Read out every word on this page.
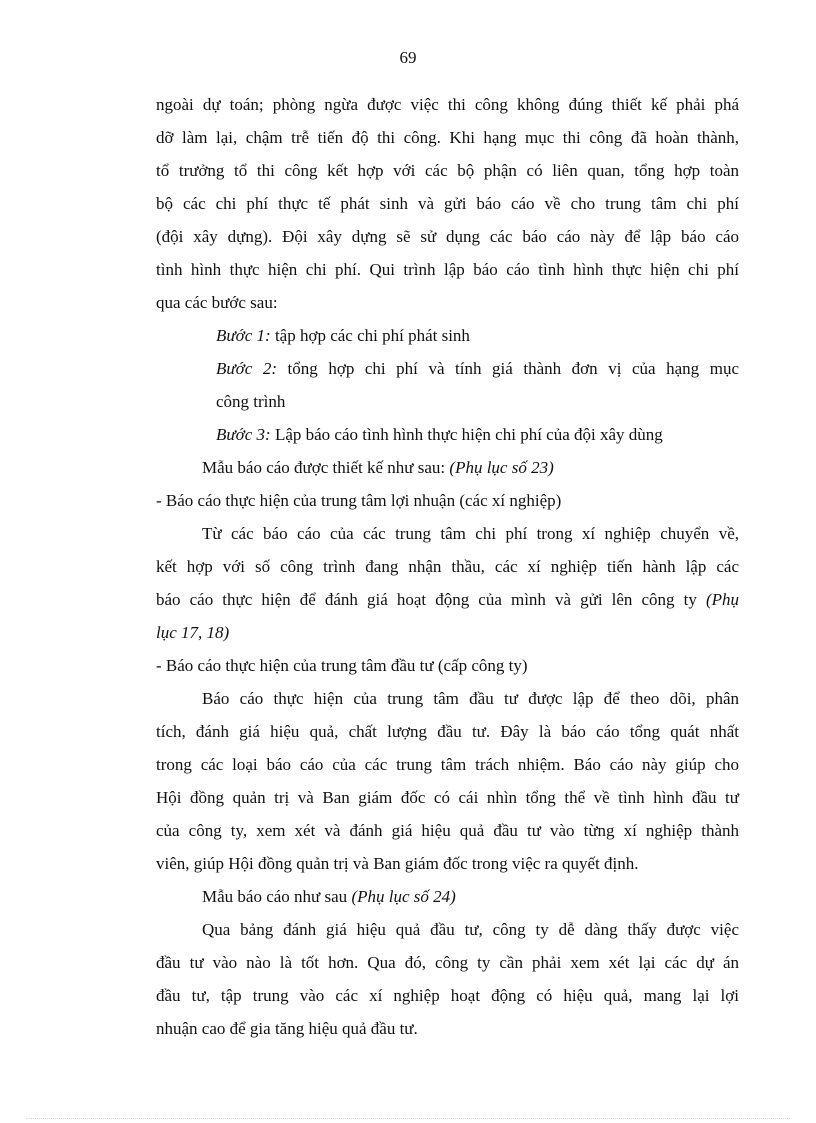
69

ngoài dự toán; phòng ngừa được việc thi công không đúng thiết kế phải phá
dỡ làm lại, chậm trễ tiến độ thi công. Khi hạng mục thi công đã hoàn thành,
tổ trưởng tổ thi công kết hợp với các bộ phận có liên quan, tổng hợp toàn
bộ các chi phí thực tế phát sinh và gửi báo cáo về cho trung tâm chi phí
(đội xây dựng). Đội xây dựng sẽ sử dụng các báo cáo này để lập báo cáo
tình hình thực hiện chi phí. Qui trình lập báo cáo tình hình thực hiện chi phí
qua các bước sau:

Bước 1: tập hợp các chi phí phát sinh

Bước 2: tổng hợp chi phí và tính giá thành đơn vị của hạng mục
công trình

Bước 3: Lập báo cáo tình hình thực hiện chi phí của đội xây dùng

Mẫu báo cáo được thiết kế như sau: (Phụ lục số 23)

- Báo cáo thực hiện của trung tâm lợi nhuận (các xí nghiệp)

Từ các báo cáo của các trung tâm chi phí trong xí nghiệp chuyển về,
kết hợp với số công trình đang nhận thầu, các xí nghiệp tiến hành lập các
báo cáo thực hiện để đánh giá hoạt động của mình và gửi lên công ty (Phụ
lục 17, 18)

- Báo cáo thực hiện của trung tâm đầu tư (cấp công ty)

Báo cáo thực hiện của trung tâm đầu tư được lập để theo dõi, phân
tích, đánh giá hiệu quả, chất lượng đầu tư. Đây là báo cáo tổng quát nhất
trong các loại báo cáo của các trung tâm trách nhiệm. Báo cáo này giúp cho
Hội đồng quản trị và Ban giám đốc có cái nhìn tổng thể về tình hình đầu tư
của công ty, xem xét và đánh giá hiệu quả đầu tư vào từng xí nghiệp thành
viên, giúp Hội đồng quản trị và Ban giám đốc trong việc ra quyết định.

Mẫu báo cáo như sau (Phụ lục số 24)

Qua bảng đánh giá hiệu quả đầu tư, công ty dễ dàng thấy được việc
đầu tư vào nào là tốt hơn. Qua đó, công ty cần phải xem xét lại các dự án
đầu tư, tập trung vào các xí nghiệp hoạt động có hiệu quả, mang lại lợi
nhuận cao để gia tăng hiệu quả đầu tư.
